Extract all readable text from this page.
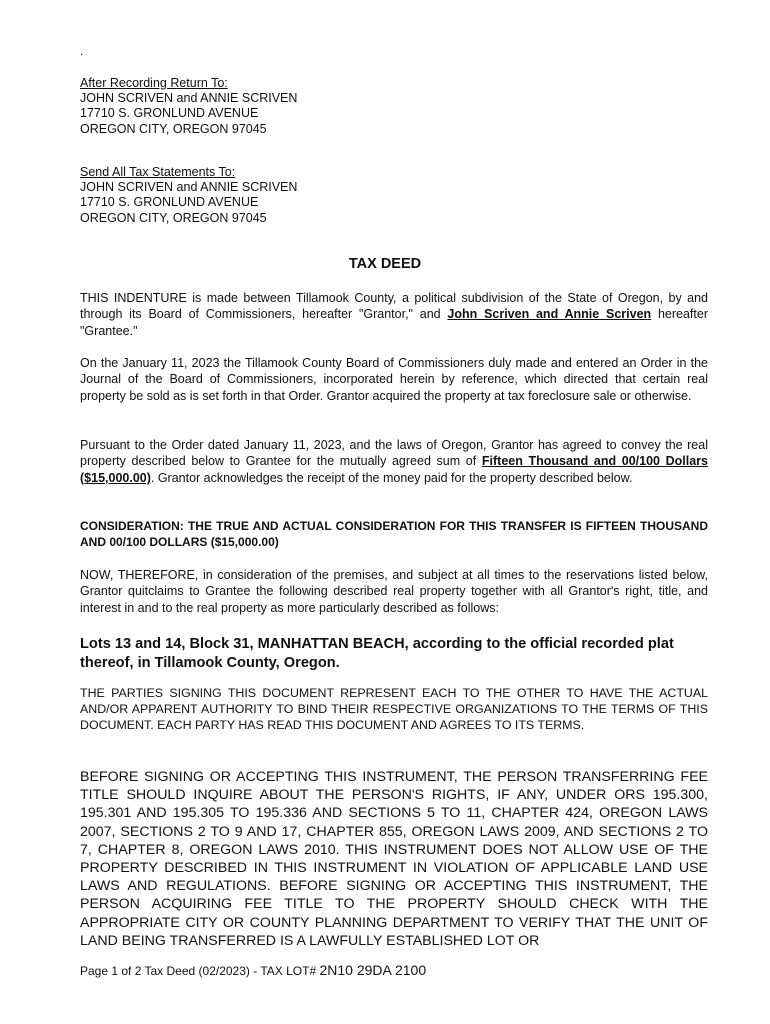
.
After Recording Return To:
JOHN SCRIVEN and ANNIE SCRIVEN
17710 S. GRONLUND AVENUE
OREGON CITY, OREGON 97045
Send All Tax Statements To:
JOHN SCRIVEN and ANNIE SCRIVEN
17710 S. GRONLUND AVENUE
OREGON CITY, OREGON 97045
TAX DEED
THIS INDENTURE is made between Tillamook County, a political subdivision of the State of Oregon, by and through its Board of Commissioners, hereafter "Grantor," and John Scriven and Annie Scriven hereafter "Grantee."
On the January 11, 2023 the Tillamook County Board of Commissioners duly made and entered an Order in the Journal of the Board of Commissioners, incorporated herein by reference, which directed that certain real property be sold as is set forth in that Order. Grantor acquired the property at tax foreclosure sale or otherwise.
Pursuant to the Order dated January 11, 2023, and the laws of Oregon, Grantor has agreed to convey the real property described below to Grantee for the mutually agreed sum of Fifteen Thousand and 00/100 Dollars ($15,000.00). Grantor acknowledges the receipt of the money paid for the property described below.
CONSIDERATION: THE TRUE AND ACTUAL CONSIDERATION FOR THIS TRANSFER IS FIFTEEN THOUSAND AND 00/100 DOLLARS ($15,000.00)
NOW, THEREFORE, in consideration of the premises, and subject at all times to the reservations listed below, Grantor quitclaims to Grantee the following described real property together with all Grantor's right, title, and interest in and to the real property as more particularly described as follows:
Lots 13 and 14, Block 31, MANHATTAN BEACH, according to the official recorded plat thereof, in Tillamook County, Oregon.
THE PARTIES SIGNING THIS DOCUMENT REPRESENT EACH TO THE OTHER TO HAVE THE ACTUAL AND/OR APPARENT AUTHORITY TO BIND THEIR RESPECTIVE ORGANIZATIONS TO THE TERMS OF THIS DOCUMENT. EACH PARTY HAS READ THIS DOCUMENT AND AGREES TO ITS TERMS.
BEFORE SIGNING OR ACCEPTING THIS INSTRUMENT, THE PERSON TRANSFERRING FEE TITLE SHOULD INQUIRE ABOUT THE PERSON'S RIGHTS, IF ANY, UNDER ORS 195.300, 195.301 AND 195.305 TO 195.336 AND SECTIONS 5 TO 11, CHAPTER 424, OREGON LAWS 2007, SECTIONS 2 TO 9 AND 17, CHAPTER 855, OREGON LAWS 2009, AND SECTIONS 2 TO 7, CHAPTER 8, OREGON LAWS 2010. THIS INSTRUMENT DOES NOT ALLOW USE OF THE PROPERTY DESCRIBED IN THIS INSTRUMENT IN VIOLATION OF APPLICABLE LAND USE LAWS AND REGULATIONS. BEFORE SIGNING OR ACCEPTING THIS INSTRUMENT, THE PERSON ACQUIRING FEE TITLE TO THE PROPERTY SHOULD CHECK WITH THE APPROPRIATE CITY OR COUNTY PLANNING DEPARTMENT TO VERIFY THAT THE UNIT OF LAND BEING TRANSFERRED IS A LAWFULLY ESTABLISHED LOT OR
Page 1 of 2 Tax Deed (02/2023) - TAX LOT# 2N10 29DA 2100
